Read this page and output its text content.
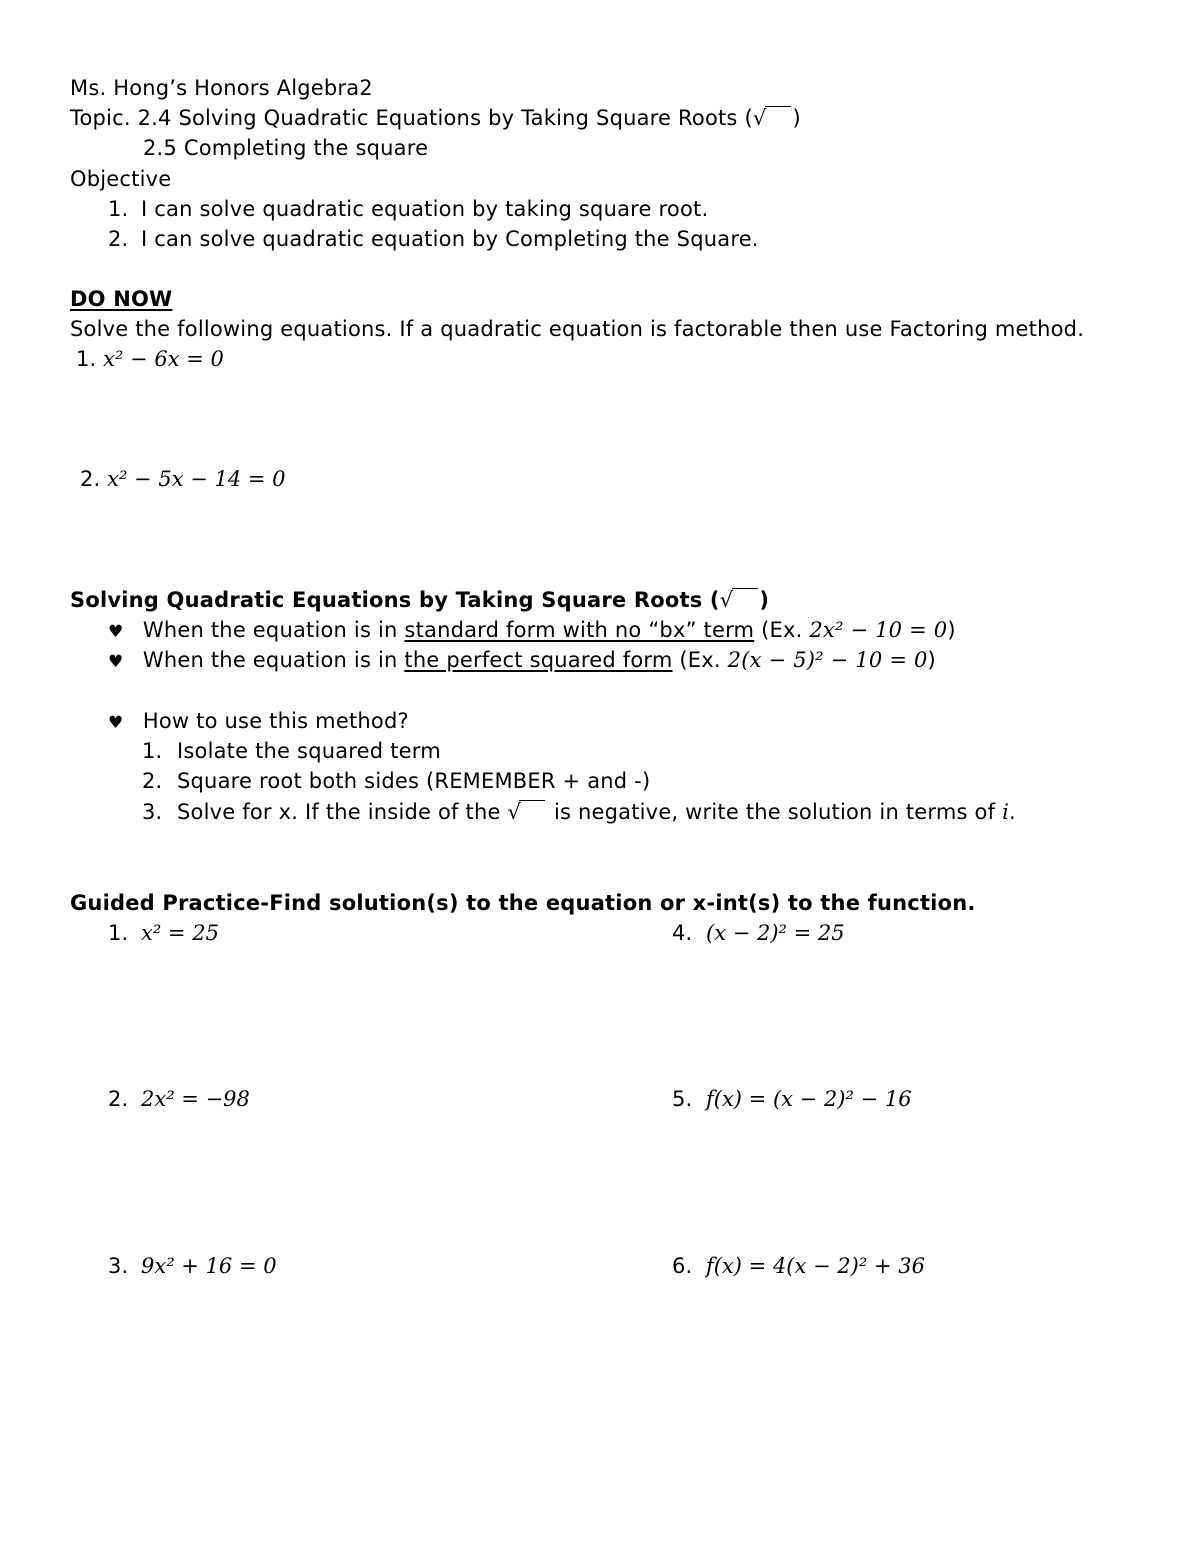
Ms. Hong’s Honors Algebra2
Topic. 2.4 Solving Quadratic Equations by Taking Square Roots (√ )
2.5 Completing the square
Objective
1. I can solve quadratic equation by taking square root.
2. I can solve quadratic equation by Completing the Square.
DO NOW
Solve the following equations. If a quadratic equation is factorable then use Factoring method.
1. x² − 6x = 0
2. x² − 5x − 14 = 0
Solving Quadratic Equations by Taking Square Roots (√ )
♥ When the equation is in standard form with no “bx” term (Ex. 2x² − 10 = 0)
♥ When the equation is in the perfect squared form (Ex. 2(x − 5)² − 10 = 0)
♥ How to use this method?
1. Isolate the squared term
2. Square root both sides (REMEMBER + and -)
3. Solve for x. If the inside of the √ is negative, write the solution in terms of i.
Guided Practice-Find solution(s) to the equation or x-int(s) to the function.
1. x² = 25
2. 2x² = −98
3. 9x² + 16 = 0
4. (x − 2)² = 25
5. f(x) = (x − 2)² − 16
6. f(x) = 4(x − 2)² + 36
